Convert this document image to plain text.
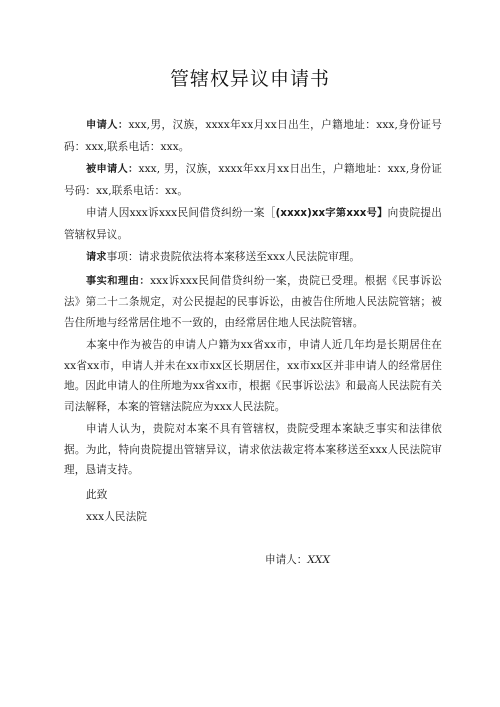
管辖权异议申请书

申请人：xxx,男，汉族，xxxx年xx月xx日出生，户籍地址：xxx,身份证号码：xxx,联系电话：xxx。

被申请人：xxx, 男，汉族，xxxx年xx月xx日出生，户籍地址：xxx,身份证号码：xx,联系电话：xx。

申请人因xxx诉xxx民间借贷纠纷一案［(xxxx)xx字第xxx号】向贵院提出管辖权异议。

请求事项：请求贵院依法将本案移送至xxx人民法院审理。

事实和理由：xxx诉xxx民间借贷纠纷一案，贵院已受理。根据《民事诉讼法》第二十二条规定，对公民提起的民事诉讼，由被告住所地人民法院管辖；被告住所地与经常居住地不一致的，由经常居住地人民法院管辖。

本案中作为被告的申请人户籍为xx省xx市，申请人近几年均是长期居住在xx省xx市，申请人并未在xx市xx区长期居住，xx市xx区并非申请人的经常居住地。因此申请人的住所地为xx省xx市，根据《民事诉讼法》和最高人民法院有关司法解释，本案的管辖法院应为xxx人民法院。

申请人认为，贵院对本案不具有管辖权，贵院受理本案缺乏事实和法律依据。为此，特向贵院提出管辖异议，请求依法裁定将本案移送至xxx人民法院审理，恳请支持。

此致

xxx人民法院

申请人：XXX
